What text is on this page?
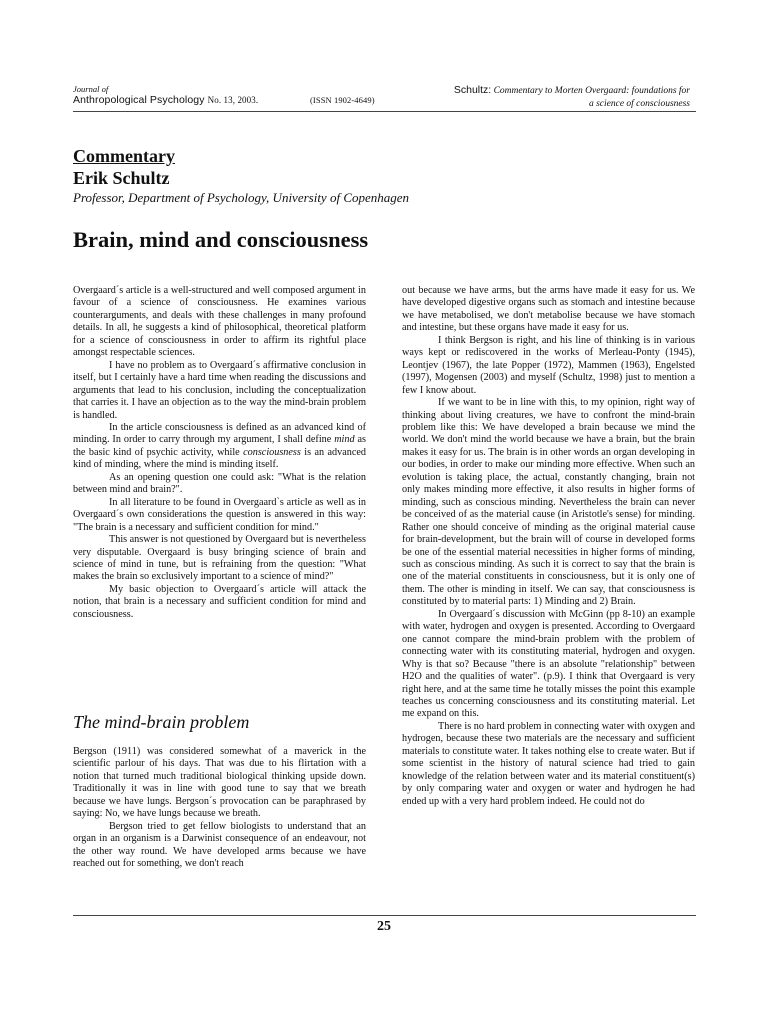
Journal of
Anthropological Psychology No. 13, 2003.	(ISSN 1902-4649)
Schultz: Commentary to Morten Overgaard: foundations for
a science of consciousness
Commentary
Erik Schultz
Professor, Department of Psychology, University of Copenhagen
Brain, mind and consciousness

Overgaard´s article is a well-structured and well composed argument in favour of a science of consciousness. He examines various counterarguments, and deals with these challenges in many profound details. In all, he suggests a kind of philosophical, theoretical platform for a science of consciousness in order to affirm its rightful place amongst respectable sciences.

I have no problem as to Overgaard´s affirmative conclusion in itself, but I certainly have a hard time when reading the discussions and arguments that lead to his conclusion, including the conceptualization that carries it. I have an objection as to the way the mind-brain problem is handled.

In the article consciousness is defined as an advanced kind of minding. In order to carry through my argument, I shall define mind as the basic kind of psychic activity, while consciousness is an advanced kind of minding, where the mind is minding itself.

As an opening question one could ask: "What is the relation between mind and brain?".

In all literature to be found in Overgaard`s article as well as in Overgaard´s own considerations the question is answered in this way: "The brain is a necessary and sufficient condition for mind."

This answer is not questioned by Overgaard but is nevertheless very disputable. Overgaard is busy bringing science of brain and science of mind in tune, but is refraining from the question: "What makes the brain so exclusively important to a science of mind?"

My basic objection to Overgaard´s article will attack the notion, that brain is a necessary and sufficient condition for mind and consciousness.

The mind-brain problem

Bergson (1911) was considered somewhat of a maverick in the scientific parlour of his days. That was due to his flirtation with a notion that turned much traditional biological thinking upside down. Traditionally it was in line with good tune to say that we breath because we have lungs. Bergson´s provocation can be paraphrased by saying: No, we have lungs because we breath.

Bergson tried to get fellow biologists to understand that an organ in an organism is a Darwinist consequence of an endeavour, not the other way round. We have developed arms because we have reached out for something, we don't reach

out because we have arms, but the arms have made it easy for us. We have developed digestive organs such as stomach and intestine because we have metabolised, we don't metabolise because we have stomach and intestine, but these organs have made it easy for us.

I think Bergson is right, and his line of thinking is in various ways kept or rediscovered in the works of Merleau-Ponty (1945), Leontjev (1967), the late Popper (1972), Mammen (1963), Engelsted (1997), Mogensen (2003) and myself (Schultz, 1998) just to mention a few I know about.

If we want to be in line with this, to my opinion, right way of thinking about living creatures, we have to confront the mind-brain problem like this: We have developed a brain because we mind the world. We don't mind the world because we have a brain, but the brain makes it easy for us. The brain is in other words an organ developing in our bodies, in order to make our minding more effective. When such an evolution is taking place, the actual, constantly changing, brain not only makes minding more effective, it also results in higher forms of minding, such as conscious minding. Nevertheless the brain can never be conceived of as the material cause (in Aristotle's sense) for minding. Rather one should conceive of minding as the original material cause for brain-development, but the brain will of course in developed forms be one of the essential material necessities in higher forms of minding, such as conscious minding. As such it is correct to say that the brain is one of the material constituents in consciousness, but it is only one of them. The other is minding in itself. We can say, that consciousness is constituted by to material parts: 1) Minding and 2) Brain.

In Overgaard´s discussion with McGinn (pp 8-10) an example with water, hydrogen and oxygen is presented. According to Overgaard one cannot compare the mind-brain problem with the problem of connecting water with its constituting material, hydrogen and oxygen. Why is that so? Because "there is an absolute "relationship" between H2O and the qualities of water". (p.9). I think that Overgaard is very right here, and at the same time he totally misses the point this example teaches us concerning consciousness and its constituting material. Let me expand on this.

There is no hard problem in connecting water with oxygen and hydrogen, because these two materials are the necessary and sufficient materials to constitute water. It takes nothing else to create water. But if some scientist in the history of natural science had tried to gain knowledge of the relation between water and its material constituent(s) by only comparing water and oxygen or water and hydrogen he had ended up with a very hard problem indeed. He could not do

25
